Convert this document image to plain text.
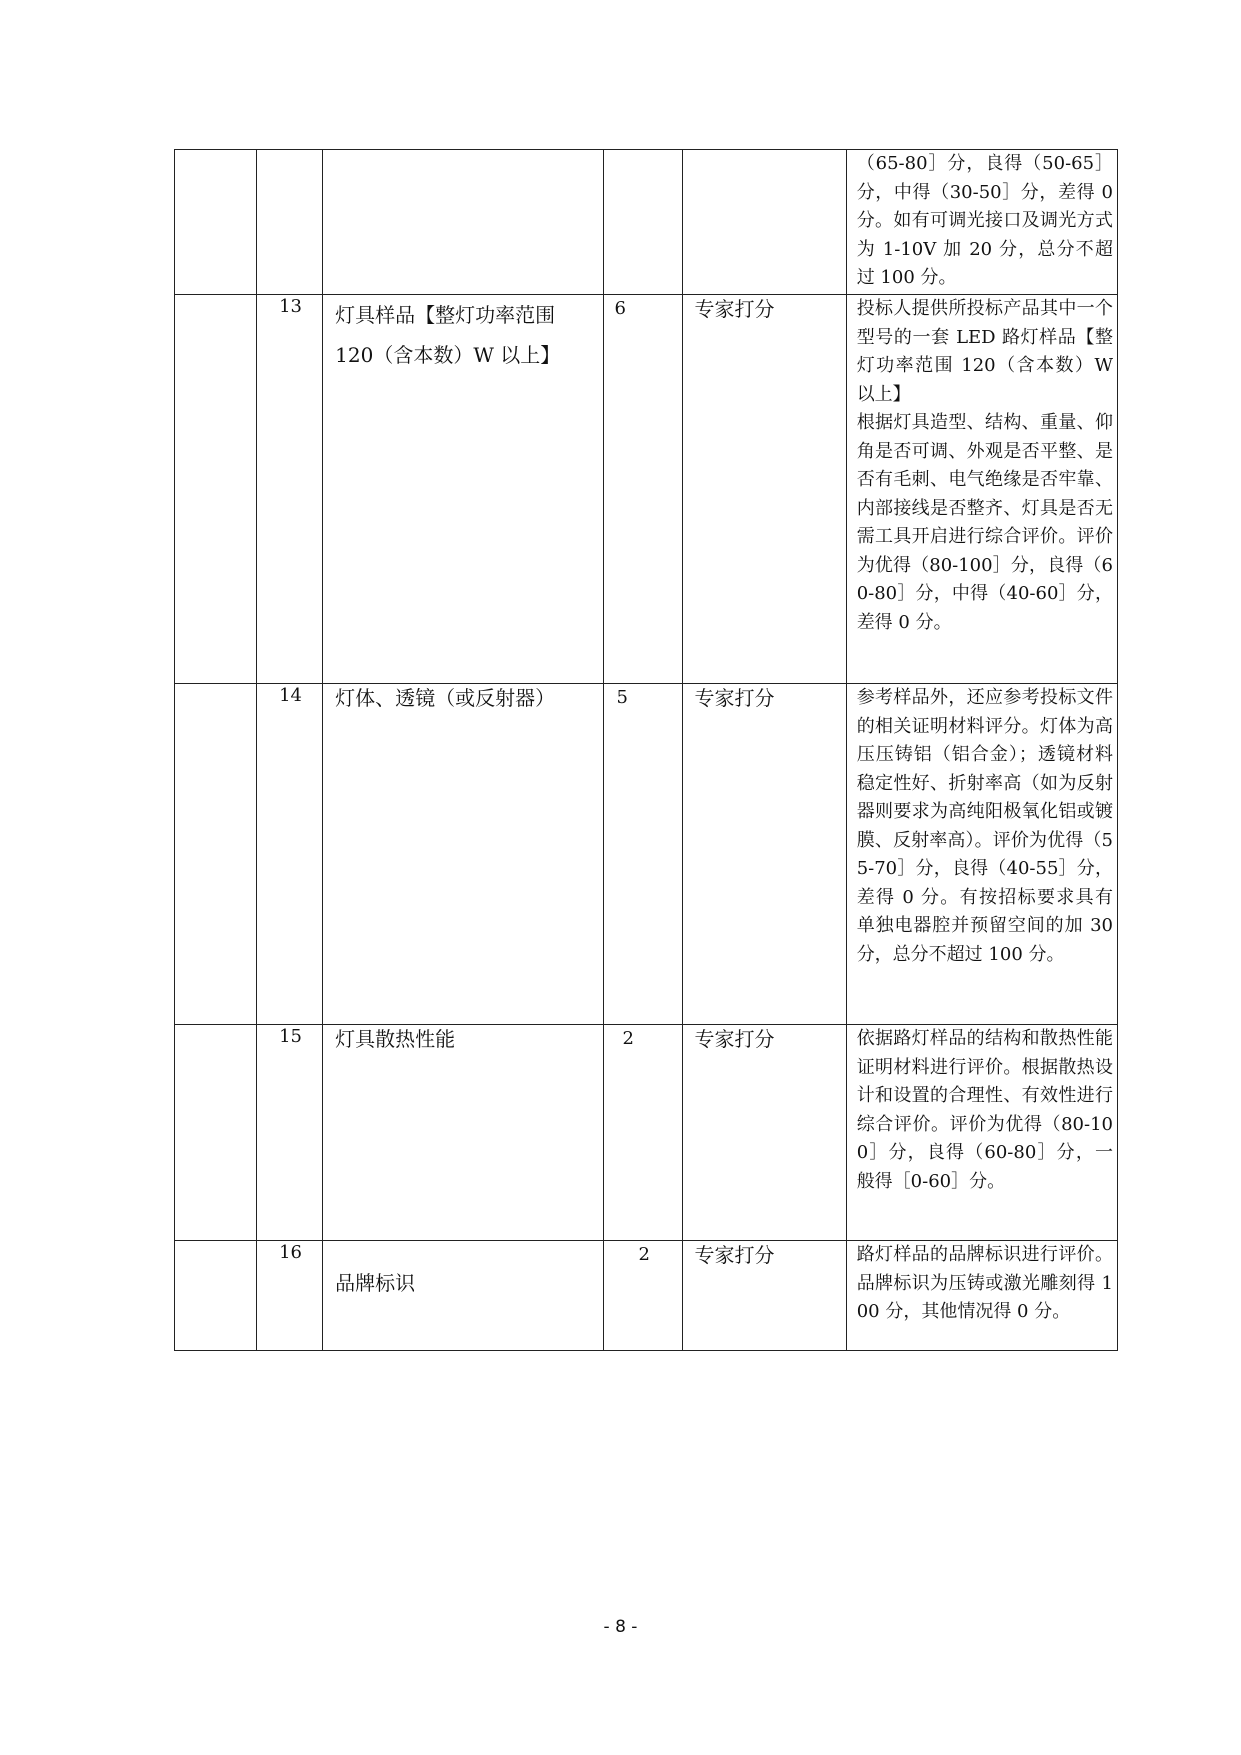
					（65-80］分，良得（50-65］分，中得（30-50］分，差得 0 分。如有可调光接口及调光方式为 1-10V 加 20 分，总分不超过 100 分。

	13	灯具样品【整灯功率范围 120（含本数）W 以上】	6	专家打分	投标人提供所投标产品其中一个型号的一套 LED 路灯样品【整灯功率范围 120（含本数）W 以上】
根据灯具造型、结构、重量、仰角是否可调、外观是否平整、是否有毛刺、电气绝缘是否牢靠、内部接线是否整齐、灯具是否无需工具开启进行综合评价。评价为优得（80-100］分，良得（60-80］分，中得（40-60］分，差得 0 分。

	14	灯体、透镜（或反射器）	5	专家打分	参考样品外，还应参考投标文件的相关证明材料评分。灯体为高压压铸铝（铝合金）；透镜材料稳定性好、折射率高（如为反射器则要求为高纯阳极氧化铝或镀膜、反射率高）。评价为优得（55-70］分，良得（40-55］分，差得 0 分。有按招标要求具有单独电器腔并预留空间的加 30 分，总分不超过 100 分。

	15	灯具散热性能	2	专家打分	依据路灯样品的结构和散热性能证明材料进行评价。根据散热设计和设置的合理性、有效性进行综合评价。评价为优得（80-100］分，良得（60-80］分，一般得［0-60］分。

	16	品牌标识	2	专家打分	路灯样品的品牌标识进行评价。品牌标识为压铸或激光雕刻得 100 分，其他情况得 0 分。
- 8 -
